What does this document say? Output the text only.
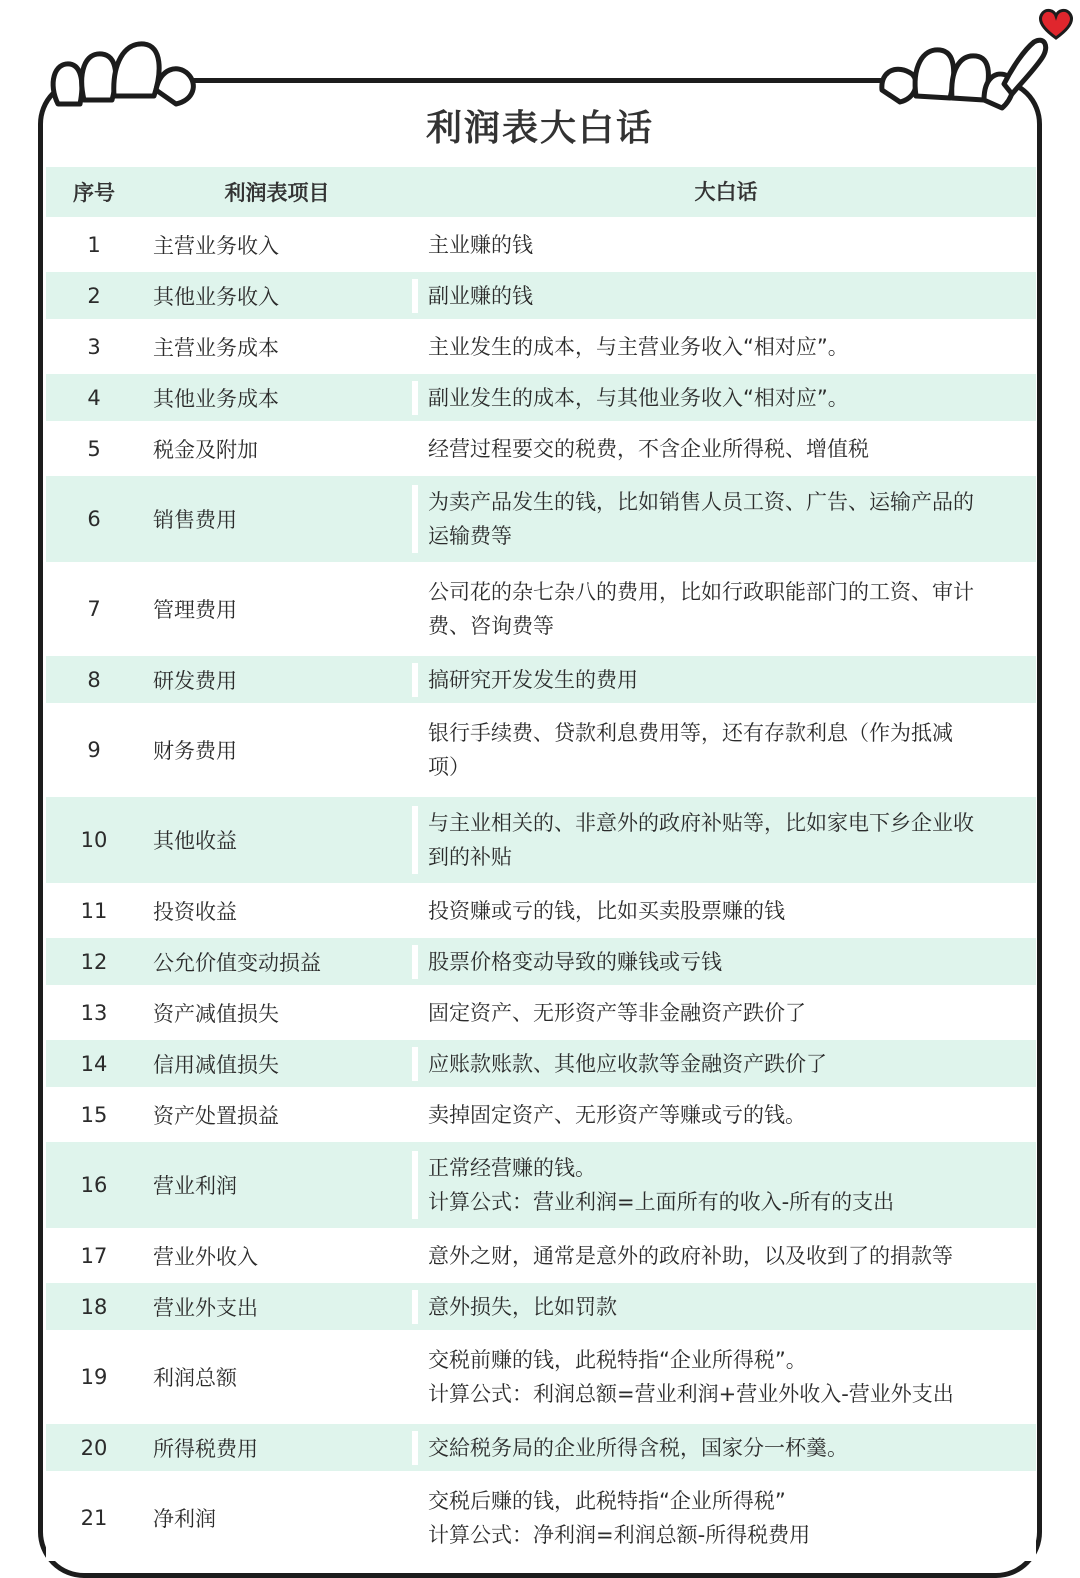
利润表大白话
序号	利润表项目	大白话
1	主营业务收入	主业赚的钱
2	其他业务收入	副业赚的钱
3	主营业务成本	主业发生的成本，与主营业务收入“相对应”。
4	其他业务成本	副业发生的成本，与其他业务收入“相对应”。
5	税金及附加	经营过程要交的税费，不含企业所得税、增值税
6	销售费用
为卖产品发生的钱，比如销售人员工资、广告、运输产品的
运输费等
7	管理费用
公司花的杂七杂八的费用，比如行政职能部门的工资、审计
费、咨询费等
8	研发费用	搞研究开发发生的费用
9	财务费用
银行手续费、贷款利息费用等，还有存款利息（作为抵减
项）
10	其他收益
与主业相关的、非意外的政府补贴等，比如家电下乡企业收
到的补贴
11	投资收益	投资赚或亏的钱，比如买卖股票赚的钱
12	公允价值变动损益	股票价格变动导致的赚钱或亏钱
13	资产减值损失	固定资产、无形资产等非金融资产跌价了
14	信用减值损失	应账款账款、其他应收款等金融资产跌价了
15	资产处置损益	卖掉固定资产、无形资产等赚或亏的钱。
16	营业利润
正常经营赚的钱。
计算公式：营业利润=上面所有的收入-所有的支出
17	营业外收入	意外之财，通常是意外的政府补助，以及收到了的捐款等
18	营业外支出	意外损失，比如罚款
19	利润总额
交税前赚的钱，此税特指“企业所得税”。
计算公式：利润总额=营业利润+营业外收入-营业外支出
20	所得税费用	交給税务局的企业所得含税，国家分一杯羹。
21	净利润
交税后赚的钱，此税特指“企业所得税”
计算公式：净利润=利润总额-所得税费用
